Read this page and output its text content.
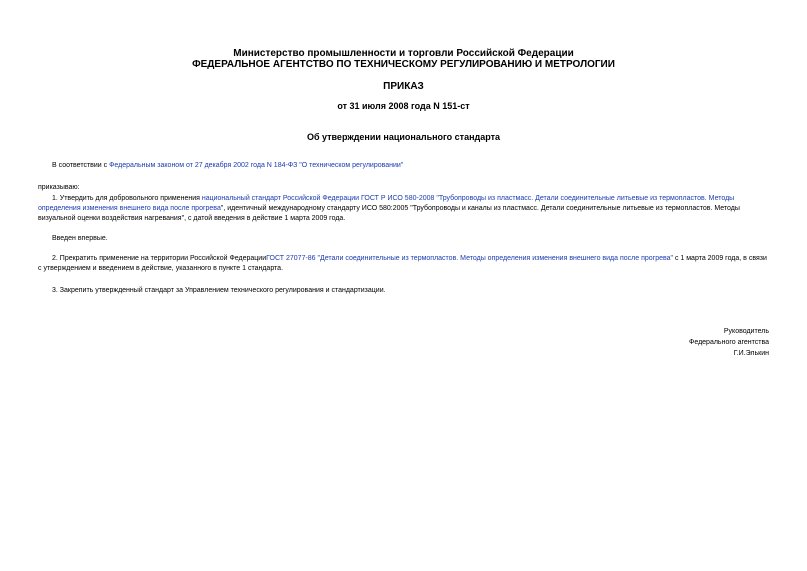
Министерство промышленности и торговли Российской Федерации
ФЕДЕРАЛЬНОЕ АГЕНТСТВО ПО ТЕХНИЧЕСКОМУ РЕГУЛИРОВАНИЮ И МЕТРОЛОГИИ
ПРИКАЗ
от 31 июля 2008 года N 151-ст
Об утверждении национального стандарта
В соответствии с Федеральным законом от 27 декабря 2002 года N 184-ФЗ "О техническом регулировании"
приказываю:
1. Утвердить для добровольного применения национальный стандарт Российской Федерации ГОСТ Р ИСО 580-2008 "Трубопроводы из пластмасс. Детали соединительные литьевые из термопластов. Методы определения изменения внешнего вида после прогрева", идентичный международному стандарту ИСО 580:2005 "Трубопроводы и каналы из пластмасс. Детали соединительные литьевые из термопластов. Методы визуальной оценки воздействия нагревания", с датой введения в действие 1 марта 2009 года.
Введен впервые.
2. Прекратить применение на территории Российской ФедерацииГОСТ 27077-86 "Детали соединительные из термопластов. Методы определения изменения внешнего вида после прогрева" с 1 марта 2009 года, в связи с утверждением и введением в действие, указанного в пункте 1 стандарта.
3. Закрепить утвержденный стандарт за Управлением технического регулирования и стандартизации.
Руководитель
Федерального агентства
Г.И.Элькин
